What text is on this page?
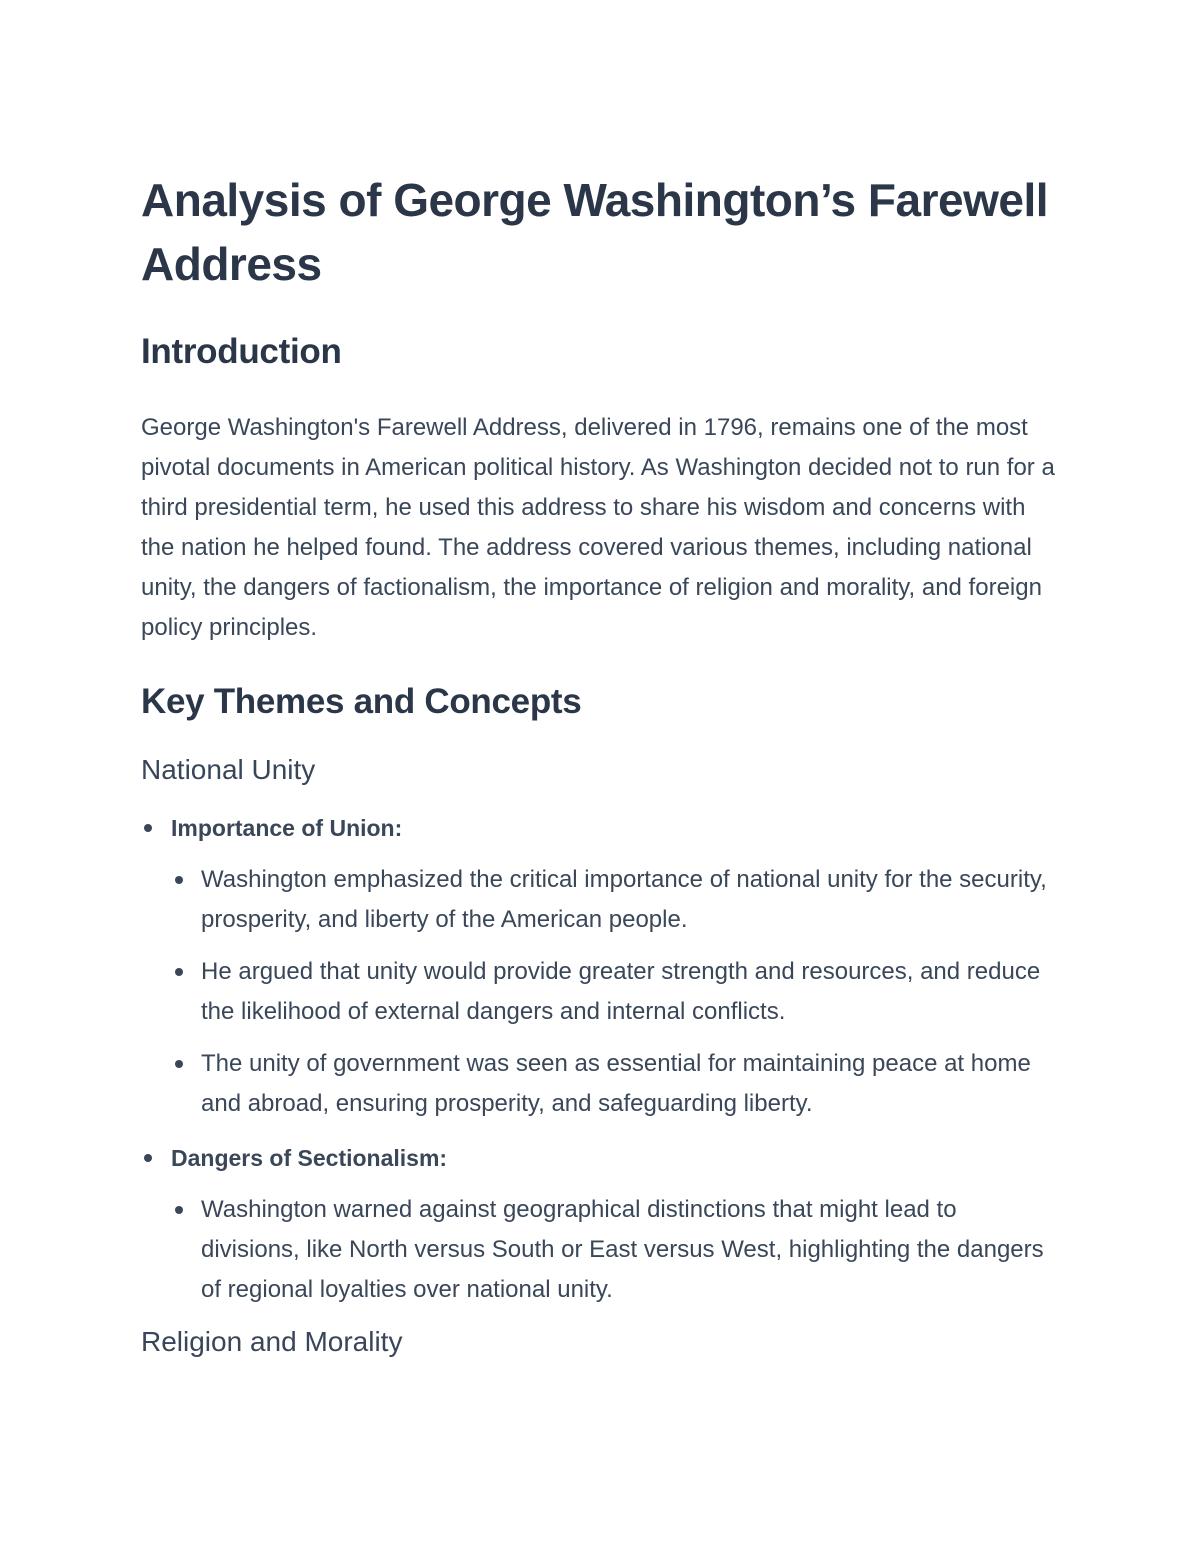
Analysis of George Washington’s Farewell Address
Introduction

George Washington's Farewell Address, delivered in 1796, remains one of the most pivotal documents in American political history. As Washington decided not to run for a third presidential term, he used this address to share his wisdom and concerns with the nation he helped found. The address covered various themes, including national unity, the dangers of factionalism, the importance of religion and morality, and foreign policy principles.

Key Themes and Concepts
National Unity
Importance of Union:
Washington emphasized the critical importance of national unity for the security, prosperity, and liberty of the American people.
He argued that unity would provide greater strength and resources, and reduce the likelihood of external dangers and internal conflicts.
The unity of government was seen as essential for maintaining peace at home and abroad, ensuring prosperity, and safeguarding liberty.
Dangers of Sectionalism:
Washington warned against geographical distinctions that might lead to divisions, like North versus South or East versus West, highlighting the dangers of regional loyalties over national unity.
Religion and Morality
